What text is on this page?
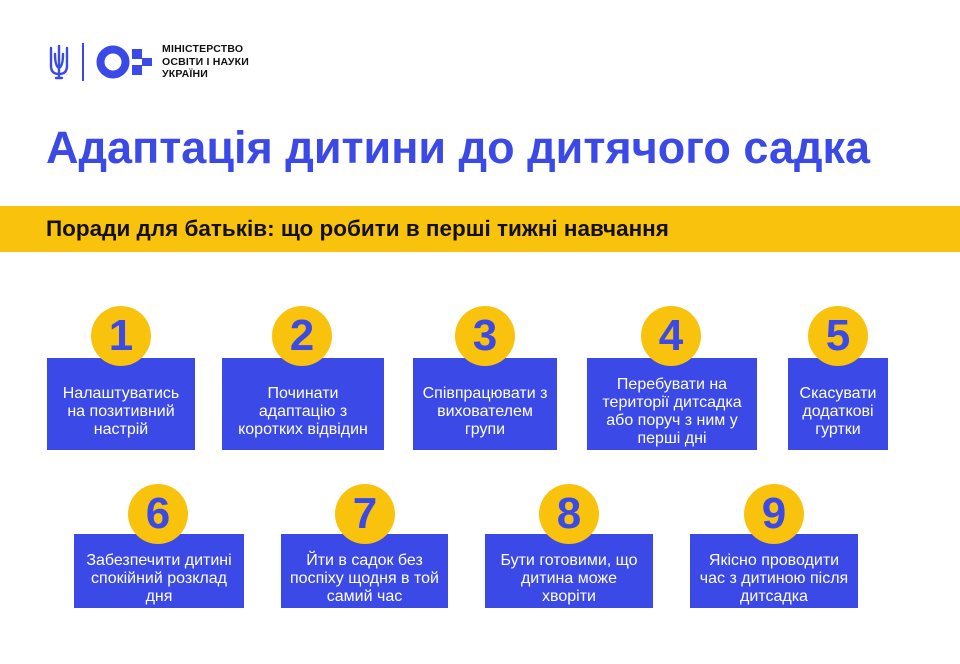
МІНІСТЕРСТВО
ОСВІТИ І НАУКИ
УКРАЇНИ
Адаптація дитини до дитячого садка
Поради для батьків: що робити в перші тижні навчання
Налаштуватись на позитивний настрій
1
Починати адаптацію з коротких відвідин
2
Співпрацювати з вихователем групи
3
Перебувати на території дитсадка або поруч з ним у перші дні
4
Скасувати додаткові гуртки
5
Забезпечити дитині спокійний розклад дня
6
Йти в садок без поспіху щодня в той самий час
7
Бути готовими, що дитина може хворіти
8
Якісно проводити час з дитиною після дитсадка
9
